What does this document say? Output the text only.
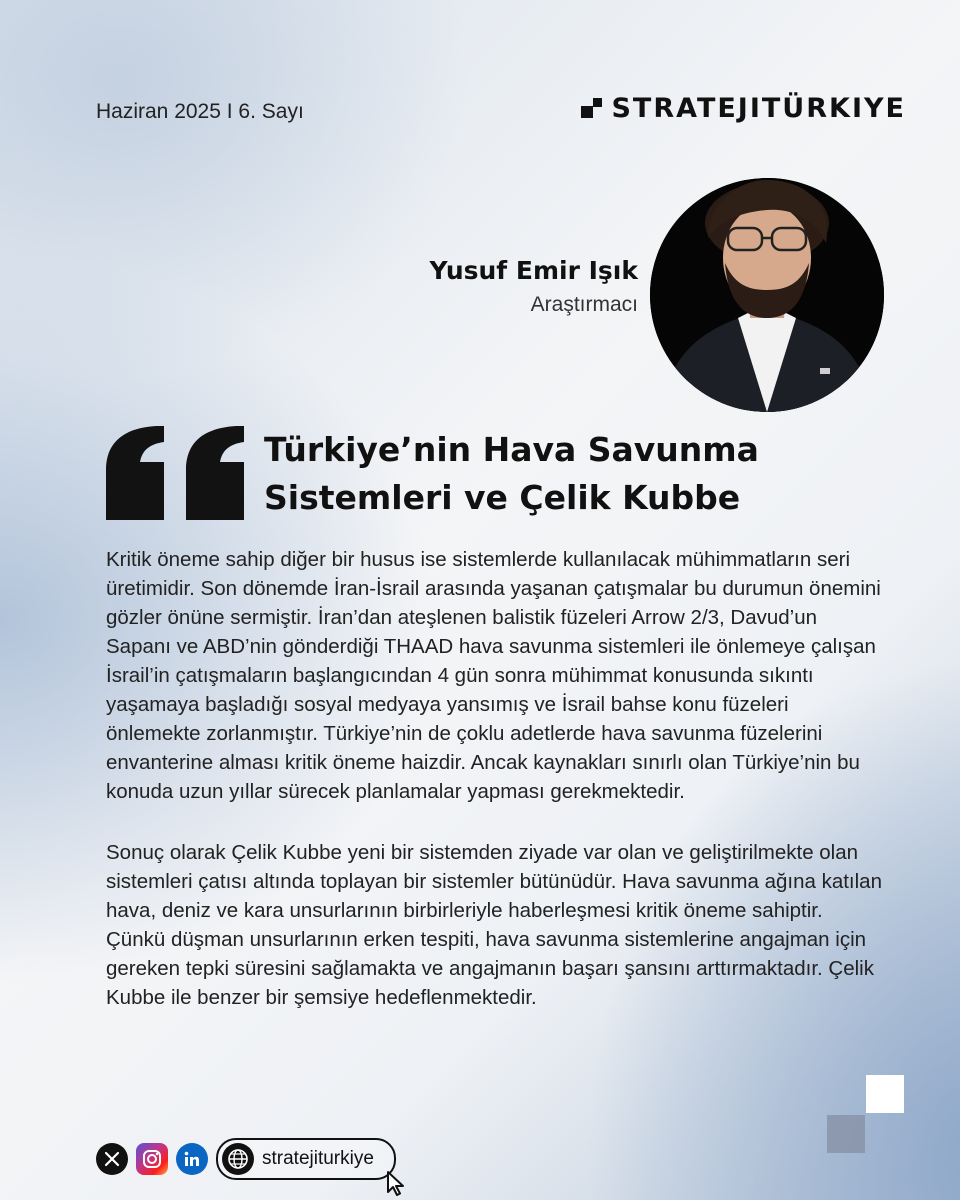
Haziran 2025 I 6. Sayı	STRATEJITÜRKIYE
Yusuf Emir Işık
Araştırmacı
Türkiye’nin Hava Savunma
Sistemleri ve Çelik Kubbe

Kritik öneme sahip diğer bir husus ise sistemlerde kullanılacak mühimmatların seri üretimidir. Son dönemde İran-İsrail arasında yaşanan çatışmalar bu durumun önemini gözler önüne sermiştir. İran’dan ateşlenen balistik füzeleri Arrow 2/3, Davud’un Sapanı ve ABD’nin gönderdiği THAAD hava savunma sistemleri ile önlemeye çalışan İsrail’in çatışmaların başlangıcından 4 gün sonra mühimmat konusunda sıkıntı yaşamaya başladığı sosyal medyaya yansımış ve İsrail bahse konu füzeleri önlemekte zorlanmıştır. Türkiye’nin de çoklu adetlerde hava savunma füzelerini envanterine alması kritik öneme haizdir. Ancak kaynakları sınırlı olan Türkiye’nin bu konuda uzun yıllar sürecek planlamalar yapması gerekmektedir.

Sonuç olarak Çelik Kubbe yeni bir sistemden ziyade var olan ve geliştirilmekte olan sistemleri çatısı altında toplayan bir sistemler bütünüdür. Hava savunma ağına katılan hava, deniz ve kara unsurlarının birbirleriyle haberleşmesi kritik öneme sahiptir. Çünkü düşman unsurlarının erken tespiti, hava savunma sistemlerine angajman için gereken tepki süresini sağlamakta ve angajmanın başarı şansını arttırmaktadır. Çelik Kubbe ile benzer bir şemsiye hedeflenmektedir.

stratejiturkiye
